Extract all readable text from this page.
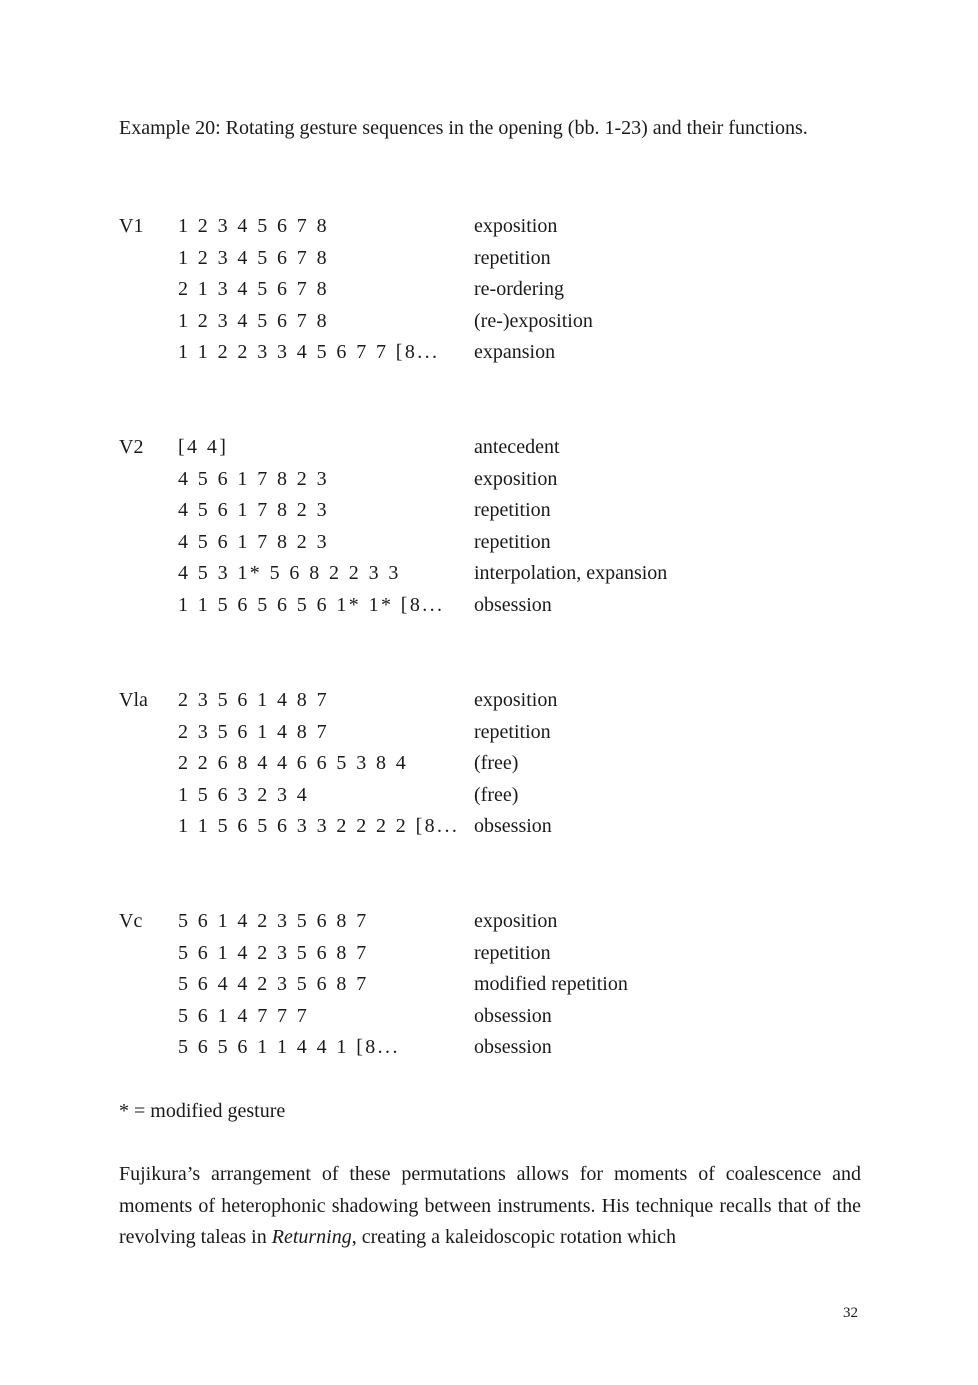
Example 20: Rotating gesture sequences in the opening (bb. 1-23) and their functions.
V1 1 2 3 4 5 6 7 8	exposition
1 2 3 4 5 6 7 8	repetition
2 1 3 4 5 6 7 8	re-ordering
1 2 3 4 5 6 7 8	(re-)exposition
1 1 2 2 3 3 4 5 6 7 7 [8... expansion
V2 [4 4]	antecedent
4 5 6 1 7 8 2 3	exposition
4 5 6 1 7 8 2 3	repetition
4 5 6 1 7 8 2 3	repetition
4 5 3 1* 5 6 8 2 2 3 3	interpolation, expansion
1 1 5 6 5 6 5 6 1* 1* [8... obsession
Vla 2 3 5 6 1 4 8 7	exposition
2 3 5 6 1 4 8 7	repetition
2 2 6 8 4 4 6 6 5 3 8 4	(free)
1 5 6 3 2 3 4	(free)
1 1 5 6 5 6 3 3 2 2 2 2 [8... obsession
Vc 5 6 1 4 2 3 5 6 8 7	exposition
5 6 1 4 2 3 5 6 8 7	repetition
5 6 4 4 2 3 5 6 8 7	modified repetition
5 6 1 4 7 7 7	obsession
5 6 5 6 1 1 4 4 1 [8...	obsession
* = modified gesture

Fujikura’s arrangement of these permutations allows for moments of coalescence and moments of heterophonic shadowing between instruments. His technique recalls that of the revolving taleas in Returning, creating a kaleidoscopic rotation which

32
